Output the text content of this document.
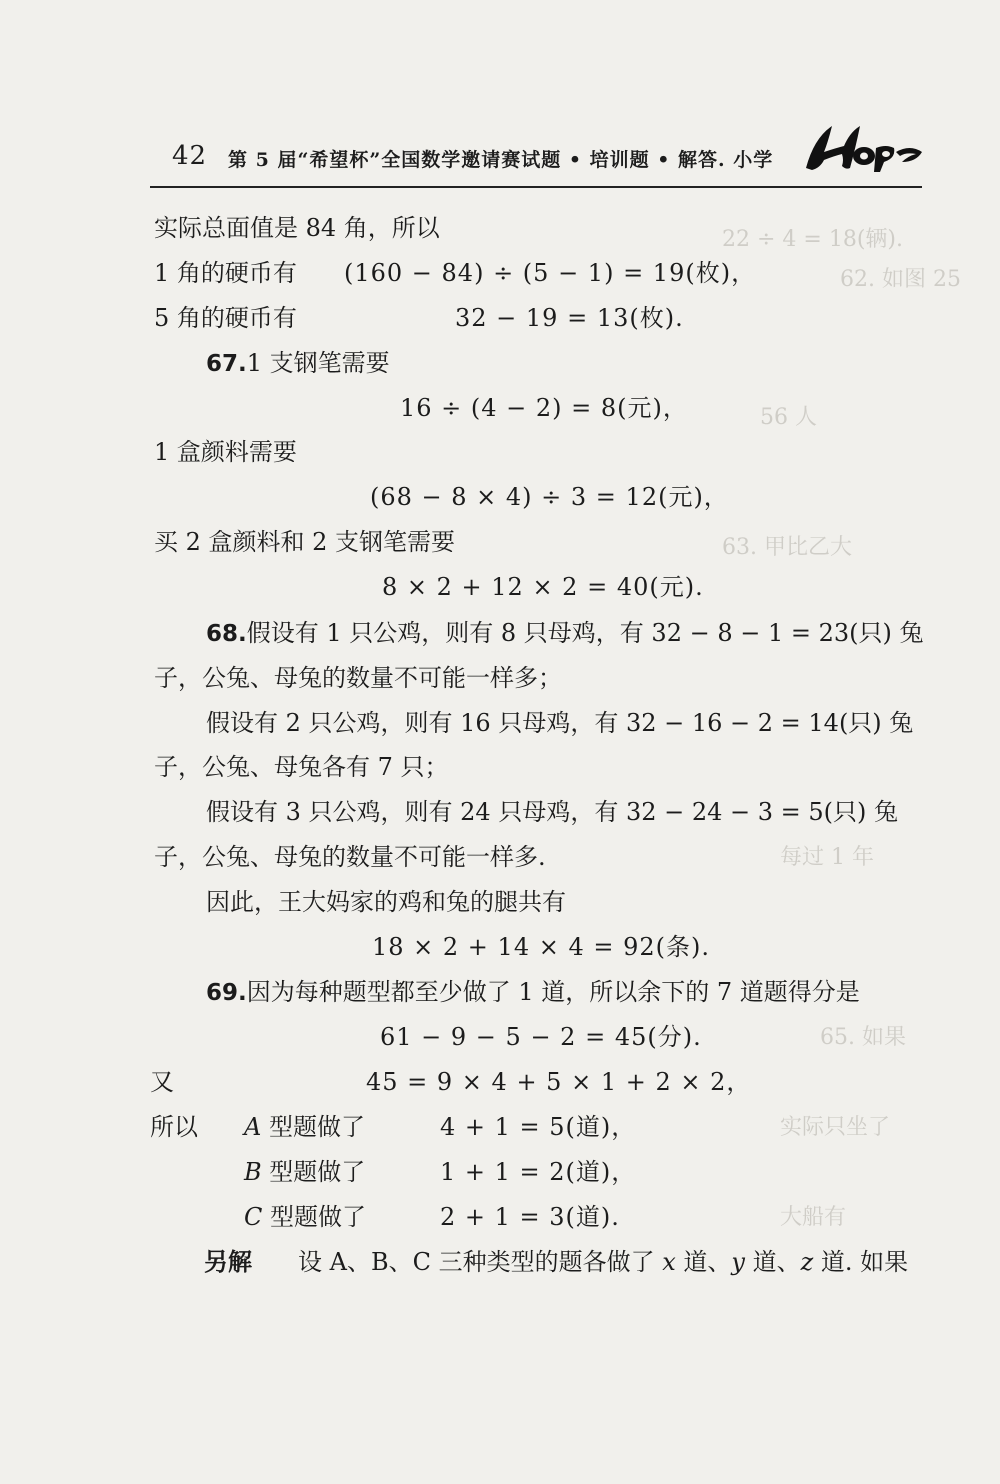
22 ÷ 4 = 18(辆).
62. 如图 25
56 人
63. 甲比乙大
每过 1 年
65. 如果
实际只坐了
大船有
42 第 5 届“希望杯”全国数学邀请赛试题 • 培训题 • 解答. 小学
实际总面值是 84 角，所以
1 角的硬币有 (160 − 84) ÷ (5 − 1) = 19(枚)，
5 角的硬币有	32 − 19 = 13(枚).
67.1 支钢笔需要
16 ÷ (4 − 2) = 8(元)，
1 盒颜料需要
(68 − 8 × 4) ÷ 3 = 12(元)，
买 2 盒颜料和 2 支钢笔需要
8 × 2 + 12 × 2 = 40(元).
68.假设有 1 只公鸡，则有 8 只母鸡，有 32 − 8 − 1 = 23(只) 兔
子，公兔、母兔的数量不可能一样多；
假设有 2 只公鸡，则有 16 只母鸡，有 32 − 16 − 2 = 14(只) 兔
子，公兔、母兔各有 7 只；
假设有 3 只公鸡，则有 24 只母鸡，有 32 − 24 − 3 = 5(只) 兔
子，公兔、母兔的数量不可能一样多.
因此，王大妈家的鸡和兔的腿共有
18 × 2 + 14 × 4 = 92(条).
69.因为每种题型都至少做了 1 道，所以余下的 7 道题得分是
61 − 9 − 5 − 2 = 45(分).
又	45 = 9 × 4 + 5 × 1 + 2 × 2，
所以 A 型题做了	4 + 1 = 5(道)，
B 型题做了	1 + 1 = 2(道)，
C 型题做了	2 + 1 = 3(道).
另解 设 A、B、C 三种类型的题各做了 x 道、y 道、z 道. 如果
